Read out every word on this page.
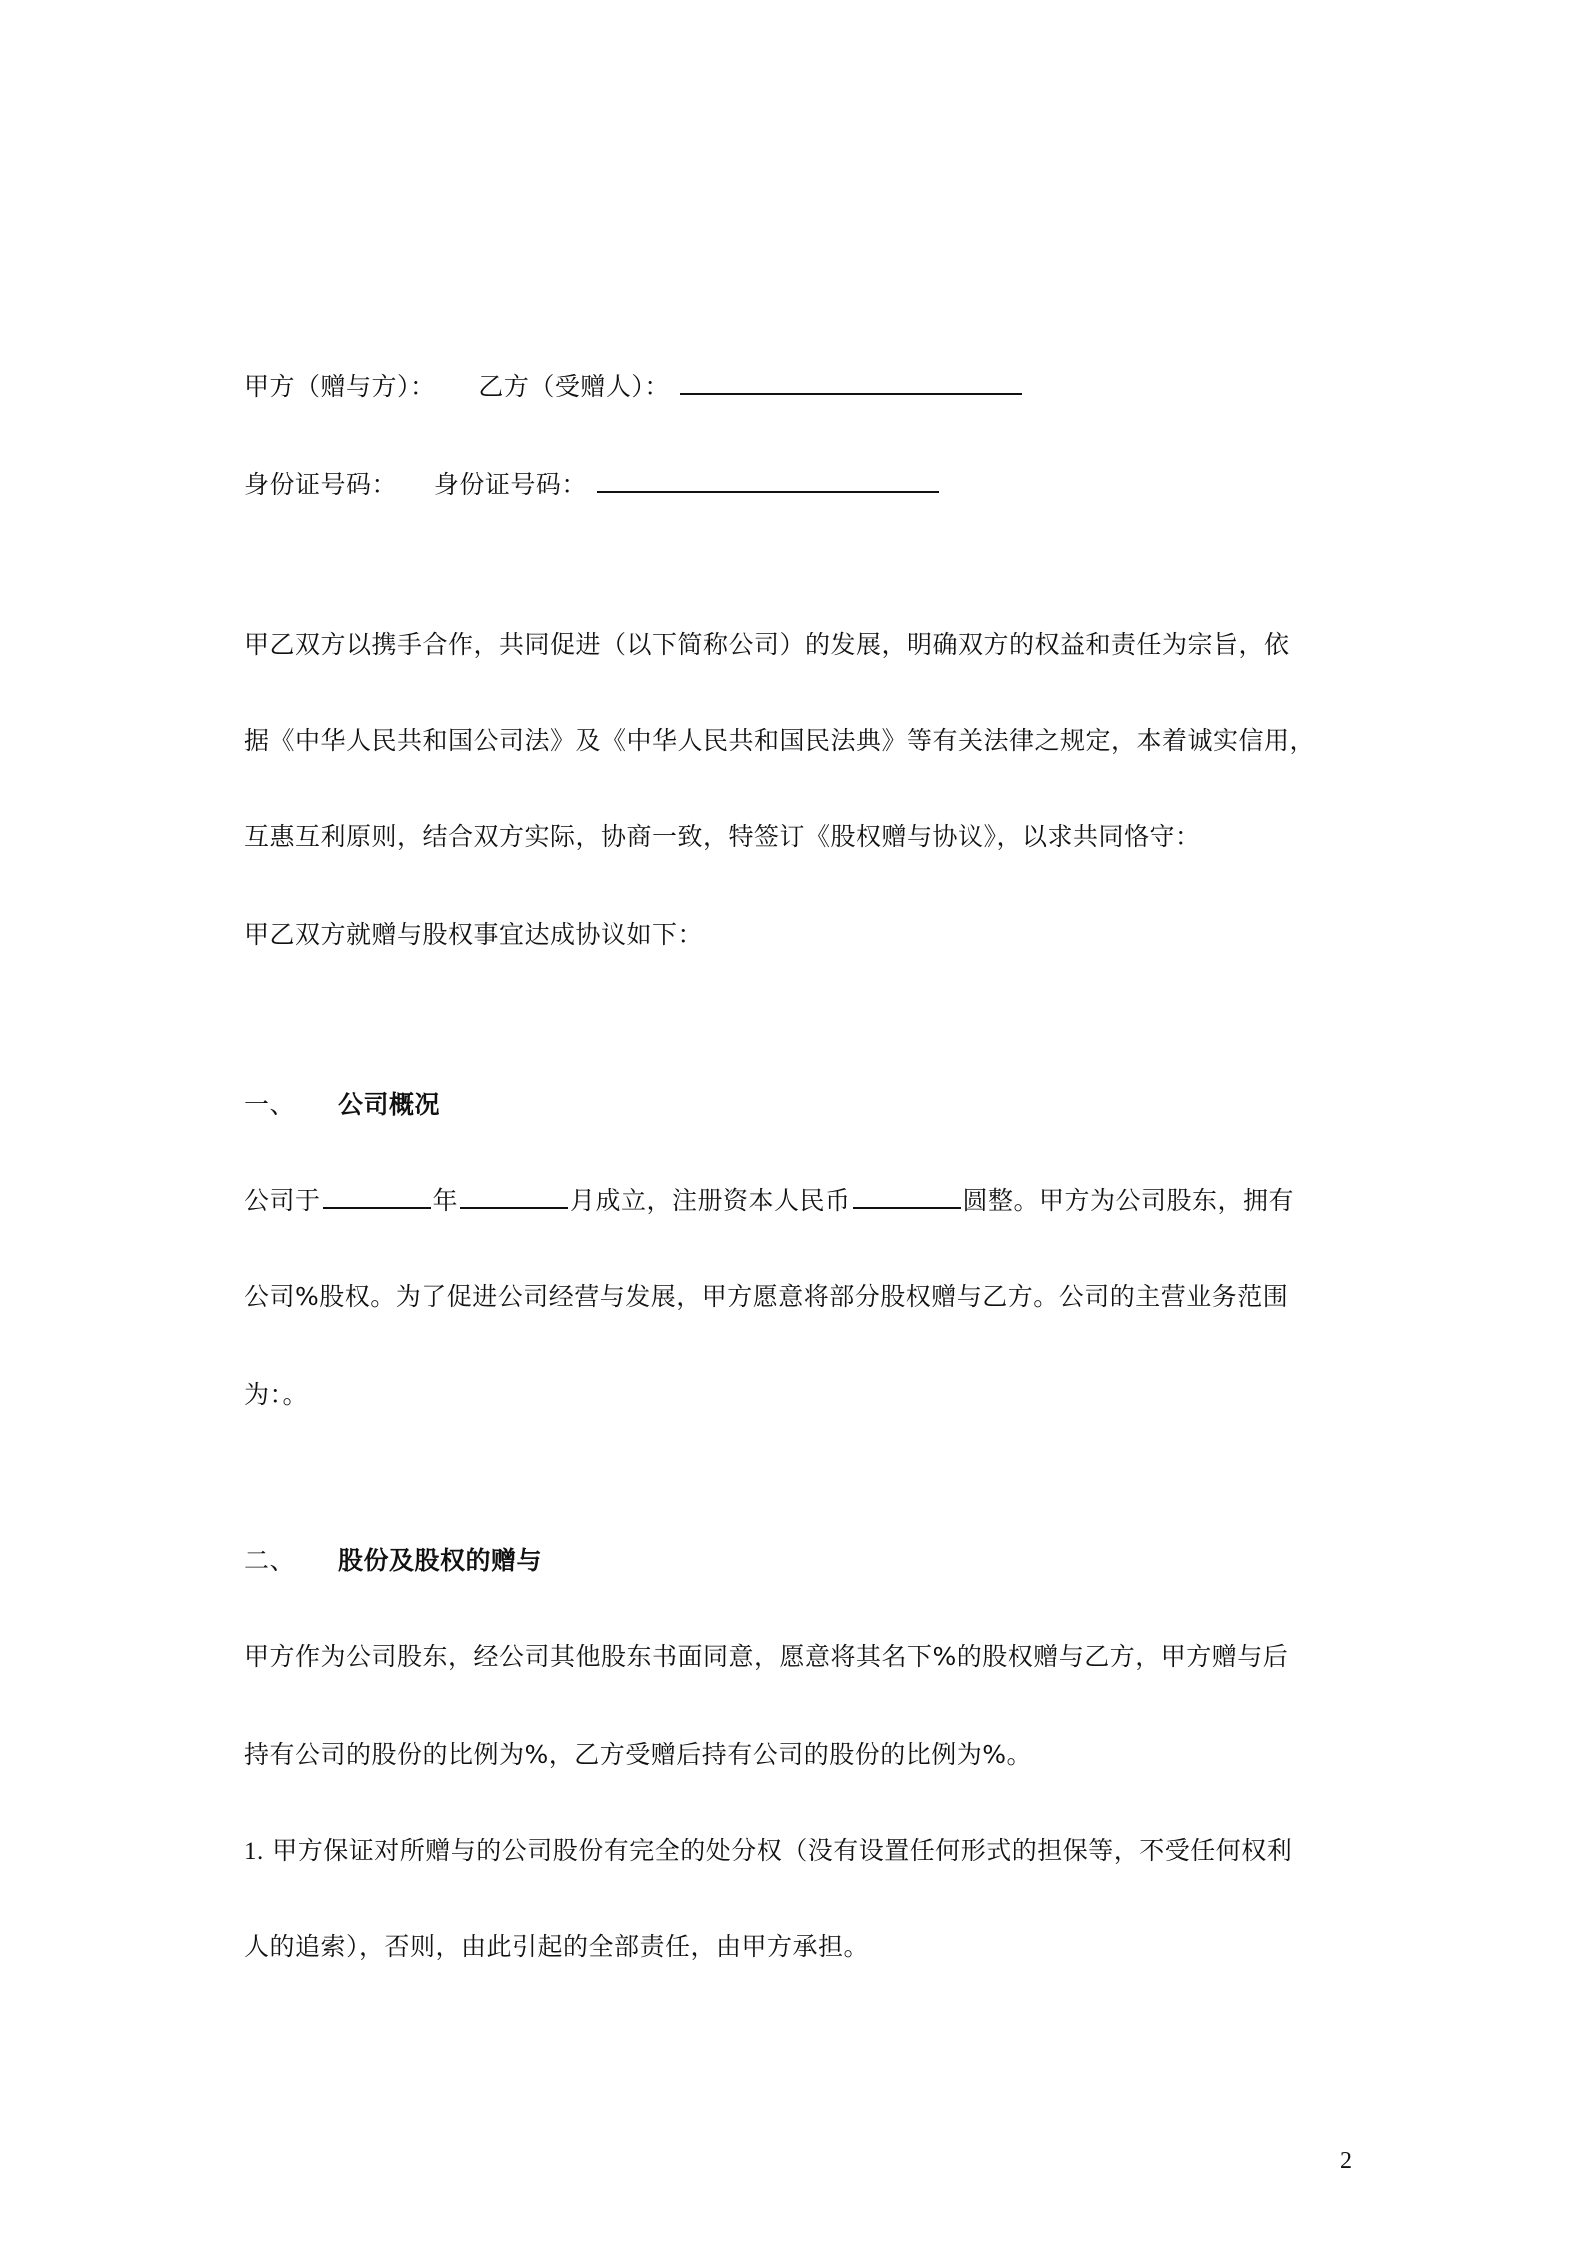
甲方（赠与方）： 乙方（受赠人）：
身份证号码： 身份证号码：
甲乙双方以携手合作，共同促进（以下简称公司）的发展，明确双方的权益和责任为宗旨，依
据《中华人民共和国公司法》及《中华人民共和国民法典》等有关法律之规定，本着诚实信用，
互惠互利原则，结合双方实际，协商一致，特签订《股权赠与协议》，以求共同恪守：
甲乙双方就赠与股权事宜达成协议如下：
一、 公司概况
公司于	年	月成立，注册资本人民币	圆整。甲方为公司股东，拥有
公司%股权。为了促进公司经营与发展，甲方愿意将部分股权赠与乙方。公司的主营业务范围
为：。
二、 股份及股权的赠与
甲方作为公司股东，经公司其他股东书面同意，愿意将其名下%的股权赠与乙方，甲方赠与后
持有公司的股份的比例为%，乙方受赠后持有公司的股份的比例为%。
1. 甲方保证对所赠与的公司股份有完全的处分权（没有设置任何形式的担保等，不受任何权利
人的追索），否则，由此引起的全部责任，由甲方承担。
2
